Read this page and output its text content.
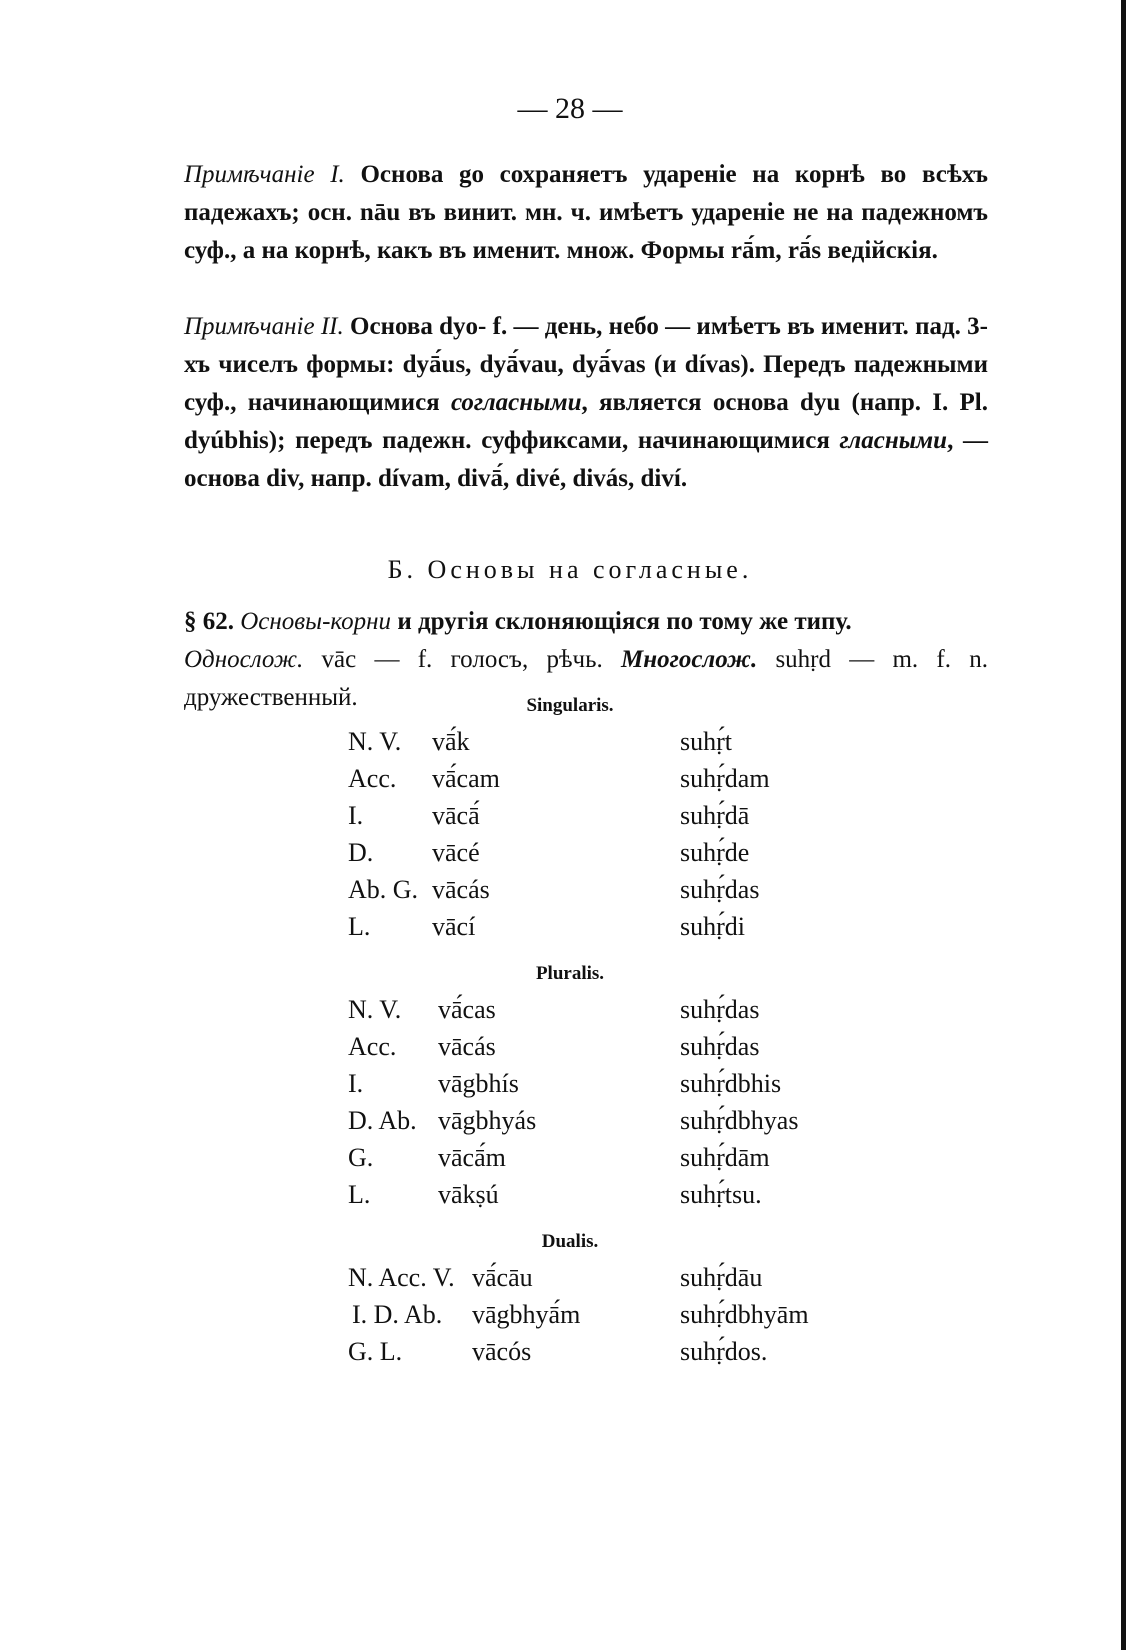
— 28 —

Примѣчаніе I. Основа go сохраняетъ удареніе на корнѣ во всѣхъ падежахъ; осн. nāu въ винит. мн. ч. имѣетъ удареніе не на падежномъ суф., а на корнѣ, какъ въ именит. множ. Формы rā́m, rā́s ведійскія.

Примѣчаніе II. Основа dyo- f. — день, небо — имѣетъ въ именит. пад. 3-хъ чиселъ формы: dyā́us, dyā́vau, dyā́vas (и dívas). Передъ падежными суф., начинающимися согласными, является основа dyu (напр. I. Pl. dyúbhis); передъ падежн. суффиксами, начинающимися гласными, — основа div, напр. dívam, divā́, divé, divás, diví.

Б. Основы на согласные.

§ 62. Основы-корни и другія склоняющіяся по тому же типу.

Однослож. vāc — f. голосъ, рѣчь. Многослож. suhṛd — m. f. n. дружественный.	Singularis.
N. V. vā́k	suhṛ́t
Acc. vā́cam	suhṛ́dam
I.	vācā́	suhṛ́dā
D. vācé	suhṛ́de
Ab. G. vācás	suhṛ́das
L. vācí	suhṛ́di
Pluralis.
N. V. vā́cas	suhṛ́das
Acc. vācás	suhṛ́das
I.	vāgbhís	suhṛ́dbhis
D. Ab. vāgbhyás	suhṛ́dbhyas
G. vācā́m	suhṛ́dām
L.	vākṣú	suhṛ́tsu.
Dualis.
N. Acc. V. vā́cāu	suhṛ́dāu
I. D. Ab. vāgbhyā́m	suhṛ́dbhyām
G. L.	vācós	suhṛ́dos.
